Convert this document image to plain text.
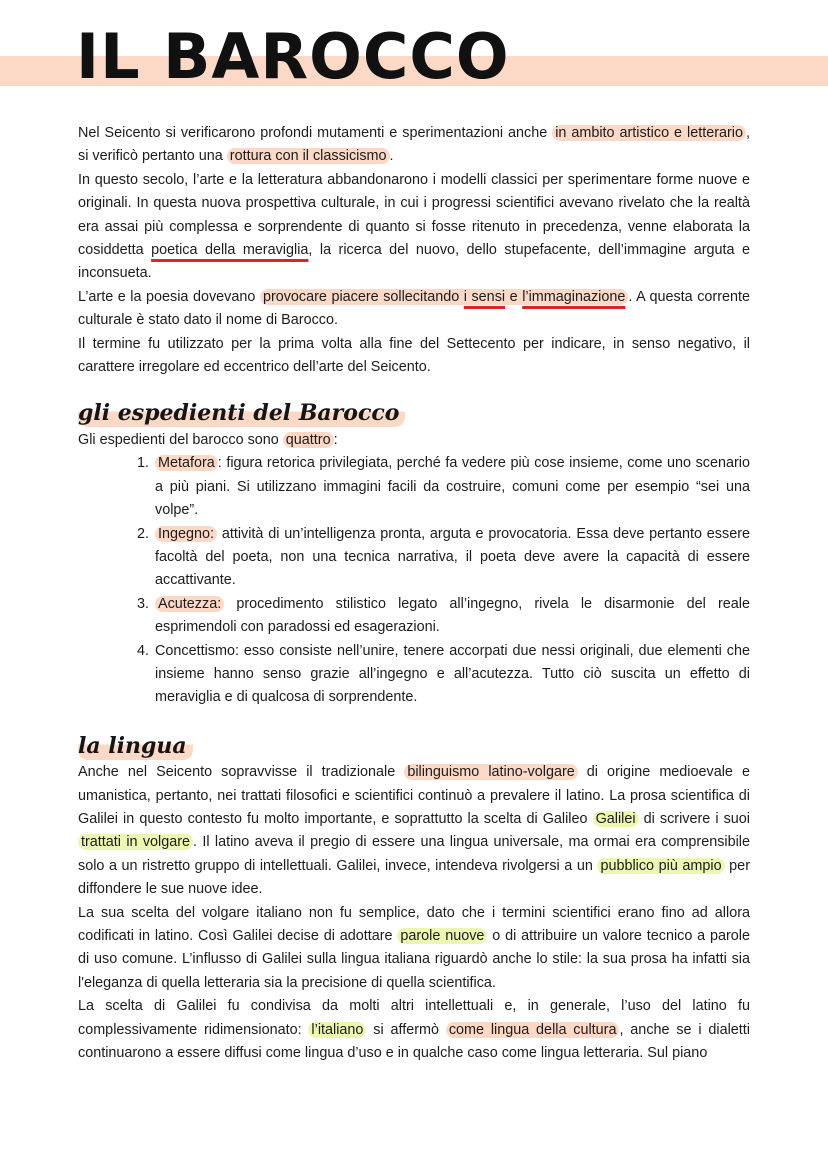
IL BAROCCO

Nel Seicento si verificarono profondi mutamenti e sperimentazioni anche in ambito artistico e letterario , si verificò pertanto una rottura con il classicismo .

In questo secolo, l’arte e la letteratura abbandonarono i modelli classici per sperimentare forme nuove e originali. In questa nuova prospettiva culturale, in cui i progressi scientifici avevano rivelato che la realtà era assai più complessa e sorprendente di quanto si fosse ritenuto in precedenza, venne elaborata la cosiddetta poetica della meraviglia, la ricerca del nuovo, dello stupefacente, dell’immagine arguta e inconsueta.

L’arte e la poesia dovevano provocare piacere sollecitando i sensi e l’immaginazione . A questa corrente culturale è stato dato il nome di Barocco.

Il termine fu utilizzato per la prima volta alla fine del Settecento per indicare, in senso negativo, il carattere irregolare ed eccentrico dell’arte del Seicento.

gli espedienti del Barocco

Gli espedienti del barocco sono quattro :

1. Metafora : figura retorica privilegiata, perché fa vedere più cose insieme, come uno scenario a più piani. Si utilizzano immagini facili da costruire, comuni come per esempio “sei una volpe”.
2. Ingegno: attività di un’intelligenza pronta, arguta e provocatoria. Essa deve pertanto essere facoltà del poeta, non una tecnica narrativa, il poeta deve avere la capacità di essere accattivante.
3. Acutezza: procedimento stilistico legato all’ingegno, rivela le disarmonie del reale esprimendoli con paradossi ed esagerazioni.
4. Concettismo: esso consiste nell’unire, tenere accorpati due nessi originali, due elementi che insieme hanno senso grazie all’ingegno e all’acutezza. Tutto ciò suscita un effetto di meraviglia e di qualcosa di sorprendente.
la lingua

Anche nel Seicento sopravvisse il tradizionale bilinguismo latino-volgare di origine medioevale e umanistica, pertanto, nei trattati filosofici e scientifici continuò a prevalere il latino. La prosa scientifica di Galilei in questo contesto fu molto importante, e soprattutto la scelta di Galileo Galilei di scrivere i suoi trattati in volgare . Il latino aveva il pregio di essere una lingua universale, ma ormai era comprensibile solo a un ristretto gruppo di intellettuali. Galilei, invece, intendeva rivolgersi a un pubblico più ampio per diffondere le sue nuove idee.

La sua scelta del volgare italiano non fu semplice, dato che i termini scientifici erano fino ad allora codificati in latino. Così Galilei decise di adottare parole nuove o di attribuire un valore tecnico a parole di uso comune. L’influsso di Galilei sulla lingua italiana riguardò anche lo stile: la sua prosa ha infatti sia l'eleganza di quella letteraria sia la precisione di quella scientifica.

La scelta di Galilei fu condivisa da molti altri intellettuali e, in generale, l’uso del latino fu complessivamente ridimensionato: l’italiano si affermò come lingua della cultura , anche se i dialetti continuarono a essere diffusi come lingua d’uso e in qualche caso come lingua letteraria. Sul piano
